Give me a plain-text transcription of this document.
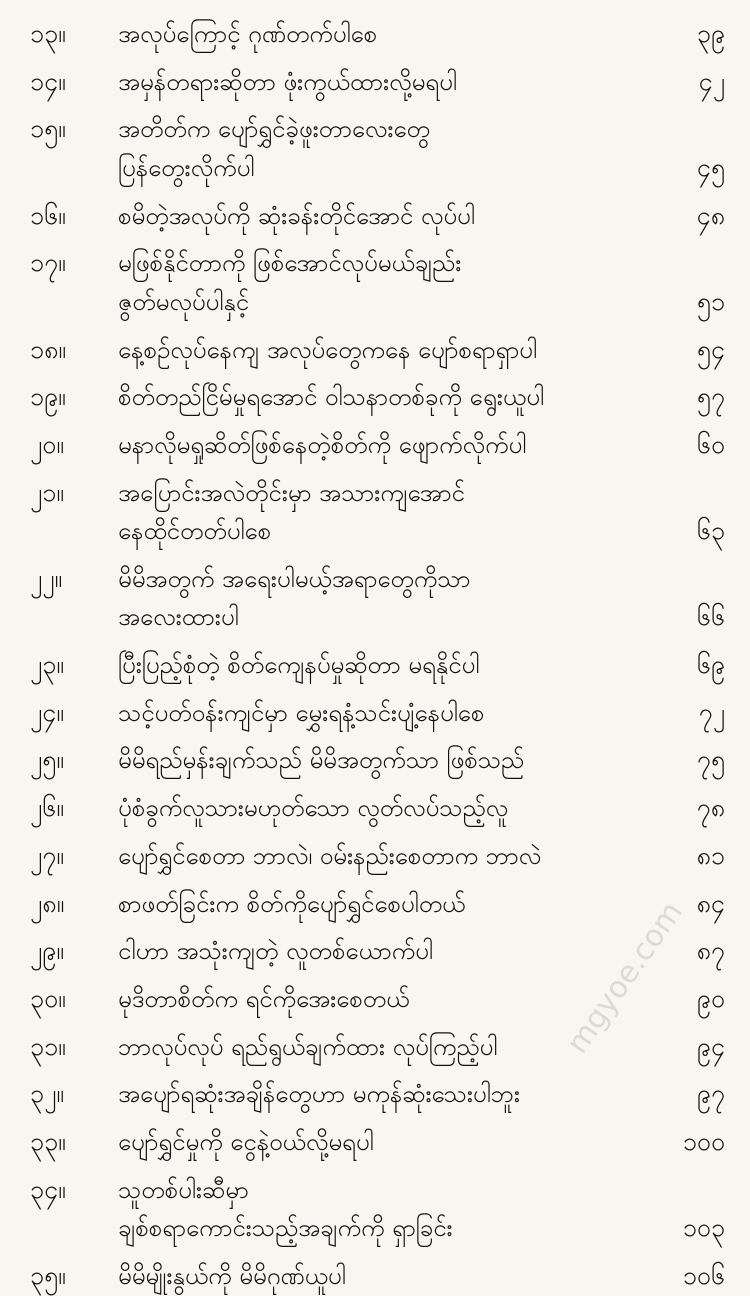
၁၃။	အလုပ်ကြောင့် ဂုဏ်တက်ပါစေ	၃၉
၁၄။	အမှန်တရားဆိုတာ ဖုံးကွယ်ထားလို့မရပါ	၄၂
၁၅။	အတိတ်က ပျော်ရွှင်ခဲ့ဖူးတာလေးတွေ
ပြန်တွေးလိုက်ပါ	၄၅
၁၆။	စမိတဲ့အလုပ်ကို ဆုံးခန်းတိုင်အောင် လုပ်ပါ	၄၈
၁၇။	မဖြစ်နိုင်တာကို ဖြစ်အောင်လုပ်မယ်ချည်း
ဇွတ်မလုပ်ပါနှင့်	၅၁
၁၈။	နေ့စဉ်လုပ်နေကျ အလုပ်တွေကနေ ပျော်စရာရှာပါ	၅၄
၁၉။	စိတ်တည်ငြိမ်မှုရအောင် ဝါသနာတစ်ခုကို ရွေးယူပါ	၅၇
၂၀။	မနာလိုမရှုဆိတ်ဖြစ်နေတဲ့စိတ်ကို ဖျောက်လိုက်ပါ	၆၀
၂၁။	အပြောင်းအလဲတိုင်းမှာ အသားကျအောင်
နေထိုင်တတ်ပါစေ	၆၃
၂၂။	မိမိအတွက် အရေးပါမယ့်အရာတွေကိုသာ
အလေးထားပါ	၆၆
၂၃။	ပြီးပြည့်စုံတဲ့ စိတ်ကျေနပ်မှုဆိုတာ မရနိုင်ပါ	၆၉
၂၄။	သင့်ပတ်ဝန်းကျင်မှာ မွှေးရနံ့သင်းပျံ့နေပါစေ	၇၂
၂၅။	မိမိရည်မှန်းချက်သည် မိမိအတွက်သာ ဖြစ်သည်	၇၅
၂၆။	ပုံစံခွက်လူသားမဟုတ်သော လွတ်လပ်သည့်လူ	၇၈
၂၇။	ပျော်ရွှင်စေတာ ဘာလဲ၊ ဝမ်းနည်းစေတာက ဘာလဲ	၈၁
၂၈။	စာဖတ်ခြင်းက စိတ်ကိုပျော်ရွှင်စေပါတယ်	၈၄
၂၉။	ငါဟာ အသုံးကျတဲ့ လူတစ်ယောက်ပါ	၈၇
၃၀။	မုဒိတာစိတ်က ရင်ကိုအေးစေတယ်	၉၀
၃၁။	ဘာလုပ်လုပ် ရည်ရွယ်ချက်ထား လုပ်ကြည့်ပါ	၉၄
၃၂။	အပျော်ရဆုံးအချိန်တွေဟာ မကုန်ဆုံးသေးပါဘူး	၉၇
၃၃။	ပျော်ရွှင်မှုကို ငွေနဲ့ဝယ်လို့မရပါ	၁၀၀
၃၄။	သူတစ်ပါးဆီမှာ
ချစ်စရာကောင်းသည့်အချက်ကို ရှာခြင်း	၁၀၃
၃၅။	မိမိမျိုးနွယ်ကို မိမိဂုဏ်ယူပါ	၁၀၆
mgyoe.com
